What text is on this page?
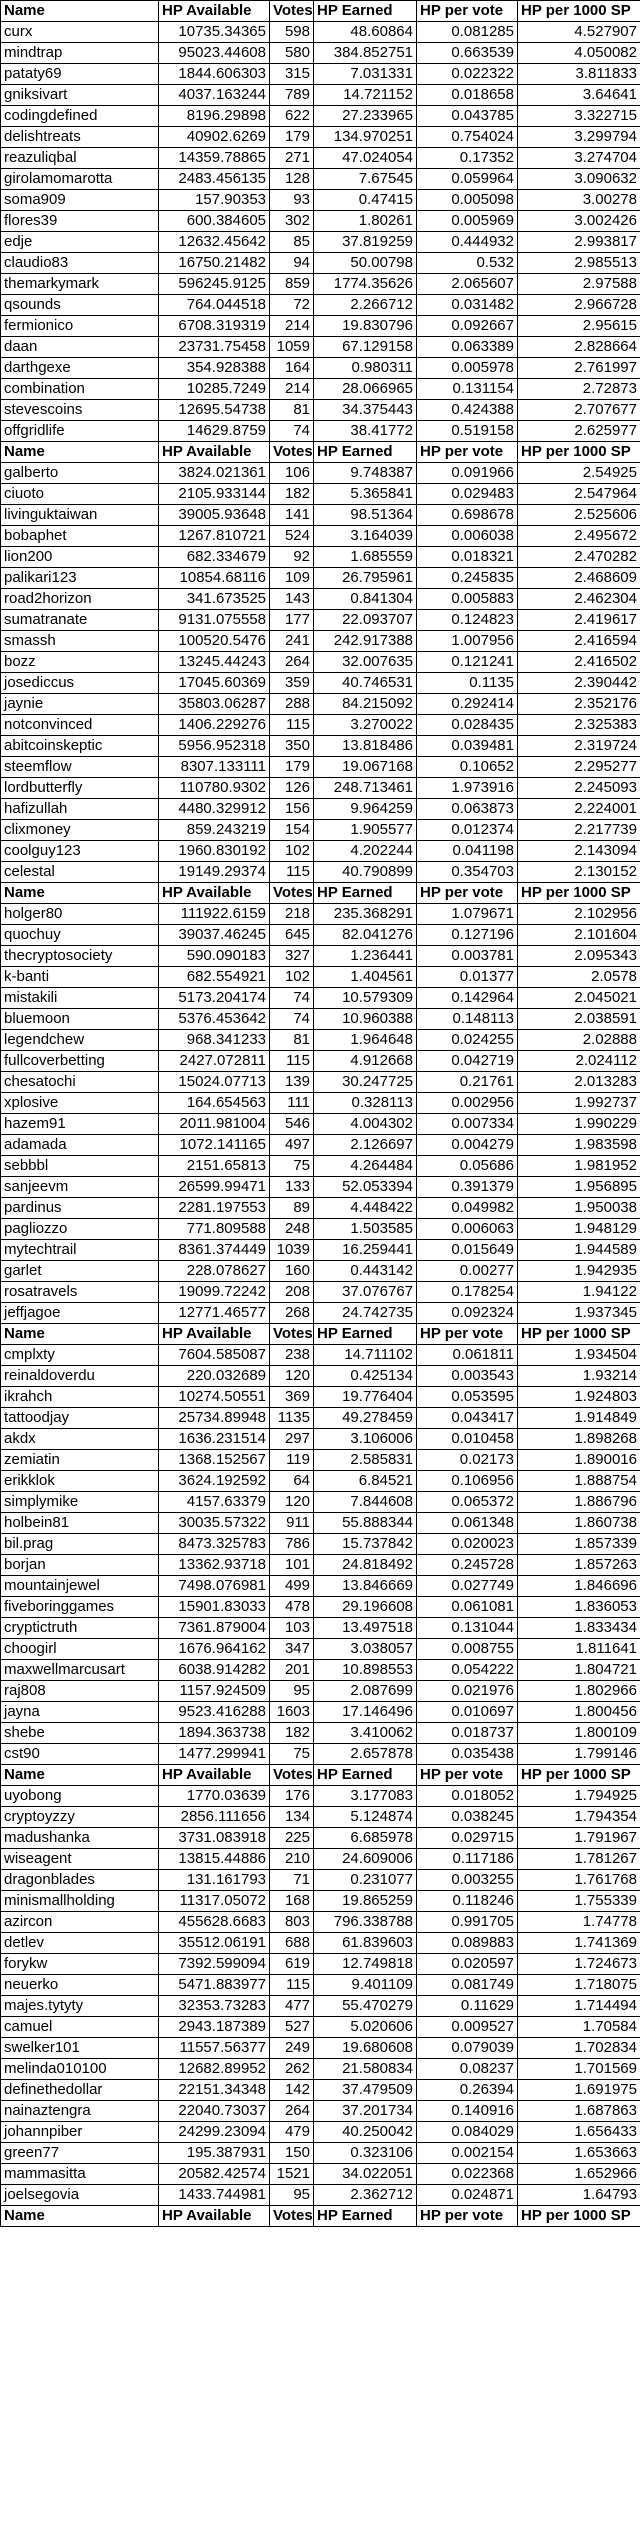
Name	HP Available	Votes	HP Earned	HP per vote	HP per 1000 SP
curx	10735.34365	598	48.60864	0.081285	4.527907
mindtrap	95023.44608	580	384.852751	0.663539	4.050082
pataty69	1844.606303	315	7.031331	0.022322	3.811833
gniksivart	4037.163244	789	14.721152	0.018658	3.64641
codingdefined	8196.29898	622	27.233965	0.043785	3.322715
delishtreats	40902.6269	179	134.970251	0.754024	3.299794
reazuliqbal	14359.78865	271	47.024054	0.17352	3.274704
girolamomarotta	2483.456135	128	7.67545	0.059964	3.090632
soma909	157.90353	93	0.47415	0.005098	3.00278
flores39	600.384605	302	1.80261	0.005969	3.002426
edje	12632.45642	85	37.819259	0.444932	2.993817
claudio83	16750.21482	94	50.00798	0.532	2.985513
themarkymark	596245.9125	859	1774.35626	2.065607	2.97588
qsounds	764.044518	72	2.266712	0.031482	2.966728
fermionico	6708.319319	214	19.830796	0.092667	2.95615
daan	23731.75458	1059	67.129158	0.063389	2.828664
darthgexe	354.928388	164	0.980311	0.005978	2.761997
combination	10285.7249	214	28.066965	0.131154	2.72873
stevescoins	12695.54738	81	34.375443	0.424388	2.707677
offgridlife	14629.8759	74	38.41772	0.519158	2.625977
Name	HP Available	Votes	HP Earned	HP per vote	HP per 1000 SP
galberto	3824.021361	106	9.748387	0.091966	2.54925
ciuoto	2105.933144	182	5.365841	0.029483	2.547964
livinguktaiwan	39005.93648	141	98.51364	0.698678	2.525606
bobaphet	1267.810721	524	3.164039	0.006038	2.495672
lion200	682.334679	92	1.685559	0.018321	2.470282
palikari123	10854.68116	109	26.795961	0.245835	2.468609
road2horizon	341.673525	143	0.841304	0.005883	2.462304
sumatranate	9131.075558	177	22.093707	0.124823	2.419617
smassh	100520.5476	241	242.917388	1.007956	2.416594
bozz	13245.44243	264	32.007635	0.121241	2.416502
josediccus	17045.60369	359	40.746531	0.1135	2.390442
jaynie	35803.06287	288	84.215092	0.292414	2.352176
notconvinced	1406.229276	115	3.270022	0.028435	2.325383
abitcoinskeptic	5956.952318	350	13.818486	0.039481	2.319724
steemflow	8307.133111	179	19.067168	0.10652	2.295277
lordbutterfly	110780.9302	126	248.713461	1.973916	2.245093
hafizullah	4480.329912	156	9.964259	0.063873	2.224001
clixmoney	859.243219	154	1.905577	0.012374	2.217739
coolguy123	1960.830192	102	4.202244	0.041198	2.143094
celestal	19149.29374	115	40.790899	0.354703	2.130152
Name	HP Available	Votes	HP Earned	HP per vote	HP per 1000 SP
holger80	111922.6159	218	235.368291	1.079671	2.102956
quochuy	39037.46245	645	82.041276	0.127196	2.101604
thecryptosociety	590.090183	327	1.236441	0.003781	2.095343
k-banti	682.554921	102	1.404561	0.01377	2.0578
mistakili	5173.204174	74	10.579309	0.142964	2.045021
bluemoon	5376.453642	74	10.960388	0.148113	2.038591
legendchew	968.341233	81	1.964648	0.024255	2.02888
fullcoverbetting	2427.072811	115	4.912668	0.042719	2.024112
chesatochi	15024.07713	139	30.247725	0.21761	2.013283
xplosive	164.654563	111	0.328113	0.002956	1.992737
hazem91	2011.981004	546	4.004302	0.007334	1.990229
adamada	1072.141165	497	2.126697	0.004279	1.983598
sebbbl	2151.65813	75	4.264484	0.05686	1.981952
sanjeevm	26599.99471	133	52.053394	0.391379	1.956895
pardinus	2281.197553	89	4.448422	0.049982	1.950038
pagliozzo	771.809588	248	1.503585	0.006063	1.948129
mytechtrail	8361.374449	1039	16.259441	0.015649	1.944589
garlet	228.078627	160	0.443142	0.00277	1.942935
rosatravels	19099.72242	208	37.076767	0.178254	1.94122
jeffjagoe	12771.46577	268	24.742735	0.092324	1.937345
Name	HP Available	Votes	HP Earned	HP per vote	HP per 1000 SP
cmplxty	7604.585087	238	14.711102	0.061811	1.934504
reinaldoverdu	220.032689	120	0.425134	0.003543	1.93214
ikrahch	10274.50551	369	19.776404	0.053595	1.924803
tattoodjay	25734.89948	1135	49.278459	0.043417	1.914849
akdx	1636.231514	297	3.106006	0.010458	1.898268
zemiatin	1368.152567	119	2.585831	0.02173	1.890016
erikklok	3624.192592	64	6.84521	0.106956	1.888754
simplymike	4157.63379	120	7.844608	0.065372	1.886796
holbein81	30035.57322	911	55.888344	0.061348	1.860738
bil.prag	8473.325783	786	15.737842	0.020023	1.857339
borjan	13362.93718	101	24.818492	0.245728	1.857263
mountainjewel	7498.076981	499	13.846669	0.027749	1.846696
fiveboringgames	15901.83033	478	29.196608	0.061081	1.836053
cryptictruth	7361.879004	103	13.497518	0.131044	1.833434
choogirl	1676.964162	347	3.038057	0.008755	1.811641
maxwellmarcusart	6038.914282	201	10.898553	0.054222	1.804721
raj808	1157.924509	95	2.087699	0.021976	1.802966
jayna	9523.416288	1603	17.146496	0.010697	1.800456
shebe	1894.363738	182	3.410062	0.018737	1.800109
cst90	1477.299941	75	2.657878	0.035438	1.799146
Name	HP Available	Votes	HP Earned	HP per vote	HP per 1000 SP
uyobong	1770.03639	176	3.177083	0.018052	1.794925
cryptoyzzy	2856.111656	134	5.124874	0.038245	1.794354
madushanka	3731.083918	225	6.685978	0.029715	1.791967
wiseagent	13815.44886	210	24.609006	0.117186	1.781267
dragonblades	131.161793	71	0.231077	0.003255	1.761768
minismallholding	11317.05072	168	19.865259	0.118246	1.755339
azircon	455628.6683	803	796.338788	0.991705	1.74778
detlev	35512.06191	688	61.839603	0.089883	1.741369
forykw	7392.599094	619	12.749818	0.020597	1.724673
neuerko	5471.883977	115	9.401109	0.081749	1.718075
majes.tytyty	32353.73283	477	55.470279	0.11629	1.714494
camuel	2943.187389	527	5.020606	0.009527	1.70584
swelker101	11557.56377	249	19.680608	0.079039	1.702834
melinda010100	12682.89952	262	21.580834	0.08237	1.701569
definethedollar	22151.34348	142	37.479509	0.26394	1.691975
nainaztengra	22040.73037	264	37.201734	0.140916	1.687863
johannpiber	24299.23094	479	40.250042	0.084029	1.656433
green77	195.387931	150	0.323106	0.002154	1.653663
mammasitta	20582.42574	1521	34.022051	0.022368	1.652966
joelsegovia	1433.744981	95	2.362712	0.024871	1.64793
Name	HP Available	Votes	HP Earned	HP per vote	HP per 1000 SP
